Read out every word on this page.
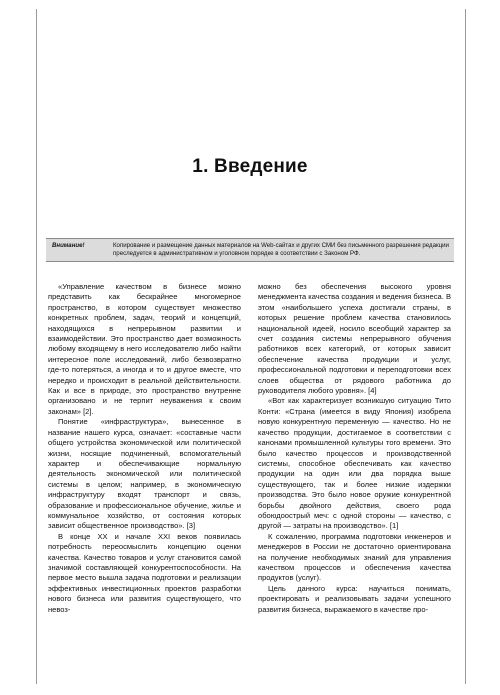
1. Введение
Внимание!	Копирование и размещение данных материалов на Web-сайтах и других СМИ без письменного разрешения редакции преследуется в административном и уголовном порядке в соответствии с Законом РФ.

«Управление качеством в бизнесе можно представить как бескрайнее многомерное пространство, в котором существует множество конкретных проблем, задач, теорий и концепций, находящихся в непрерывном развитии и взаимодействии. Это пространство дает возможность любому входящему в него исследователю либо найти интересное поле исследований, либо безвозвратно где-то потеряться, а иногда и то и другое вместе, что нередко и происходит в реальной действительности. Как и все в природе, это пространство внутренне организовано и не терпит неуважения к своим законам» [2].

Понятие «инфраструктура», вынесенное в название нашего курса, означает: «составные части общего устройства экономической или политической жизни, носящие подчиненный, вспомогательный характер и обеспечивающие нормальную деятельность экономической или политической системы в целом; например, в экономическую инфраструктуру входят транспорт и связь, образование и профессиональное обучение, жилье и коммунальное хозяйство, от состояния которых зависит общественное производство». [3]

В конце XX и начале XXI веков появилась потребность переосмыслить концепцию оценки качества. Качество товаров и услуг становится самой значимой составляющей конкурентоспособности. На первое место вышла задача подготовки и реализации эффективных инвестиционных проектов разработки нового бизнеса или развития существующего, что невоз-

можно без обеспечения высокого уровня менеджмента качества создания и ведения бизнеса. В этом «наибольшего успеха достигали страны, в которых решение проблем качества становилось национальной идеей, носило всеобщий характер за счет создания системы непрерывного обучения работников всех категорий, от которых зависит обеспечение качества продукции и услуг, профессиональной подготовки и переподготовки всех слоев общества от рядового работника до руководителя любого уровня». [4]

«Вот как характеризует возникшую ситуацию Тито Конти: «Страна (имеется в виду Япония) изобрела новую конкурентную переменную — качество. Но не качество продукции, достигаемое в соответствии с канонами промышленной культуры того времени. Это было качество процессов и производственной системы, способное обеспечивать как качество продукции на один или два порядка выше существующего, так и более низкие издержки производства. Это было новое оружие конкурентной борьбы двойного действия, своего рода обоюдоострый меч: с одной стороны — качество, с другой — затраты на производство». [1]

К сожалению, программа подготовки инженеров и менеджеров в России не достаточно ориентирована на получение необходимых знаний для управления качеством процессов и обеспечения качества продуктов (услуг).

Цель данного курса: научиться понимать, проектировать и реализовывать задачи успешного развития бизнеса, выражаемого в качестве про-
